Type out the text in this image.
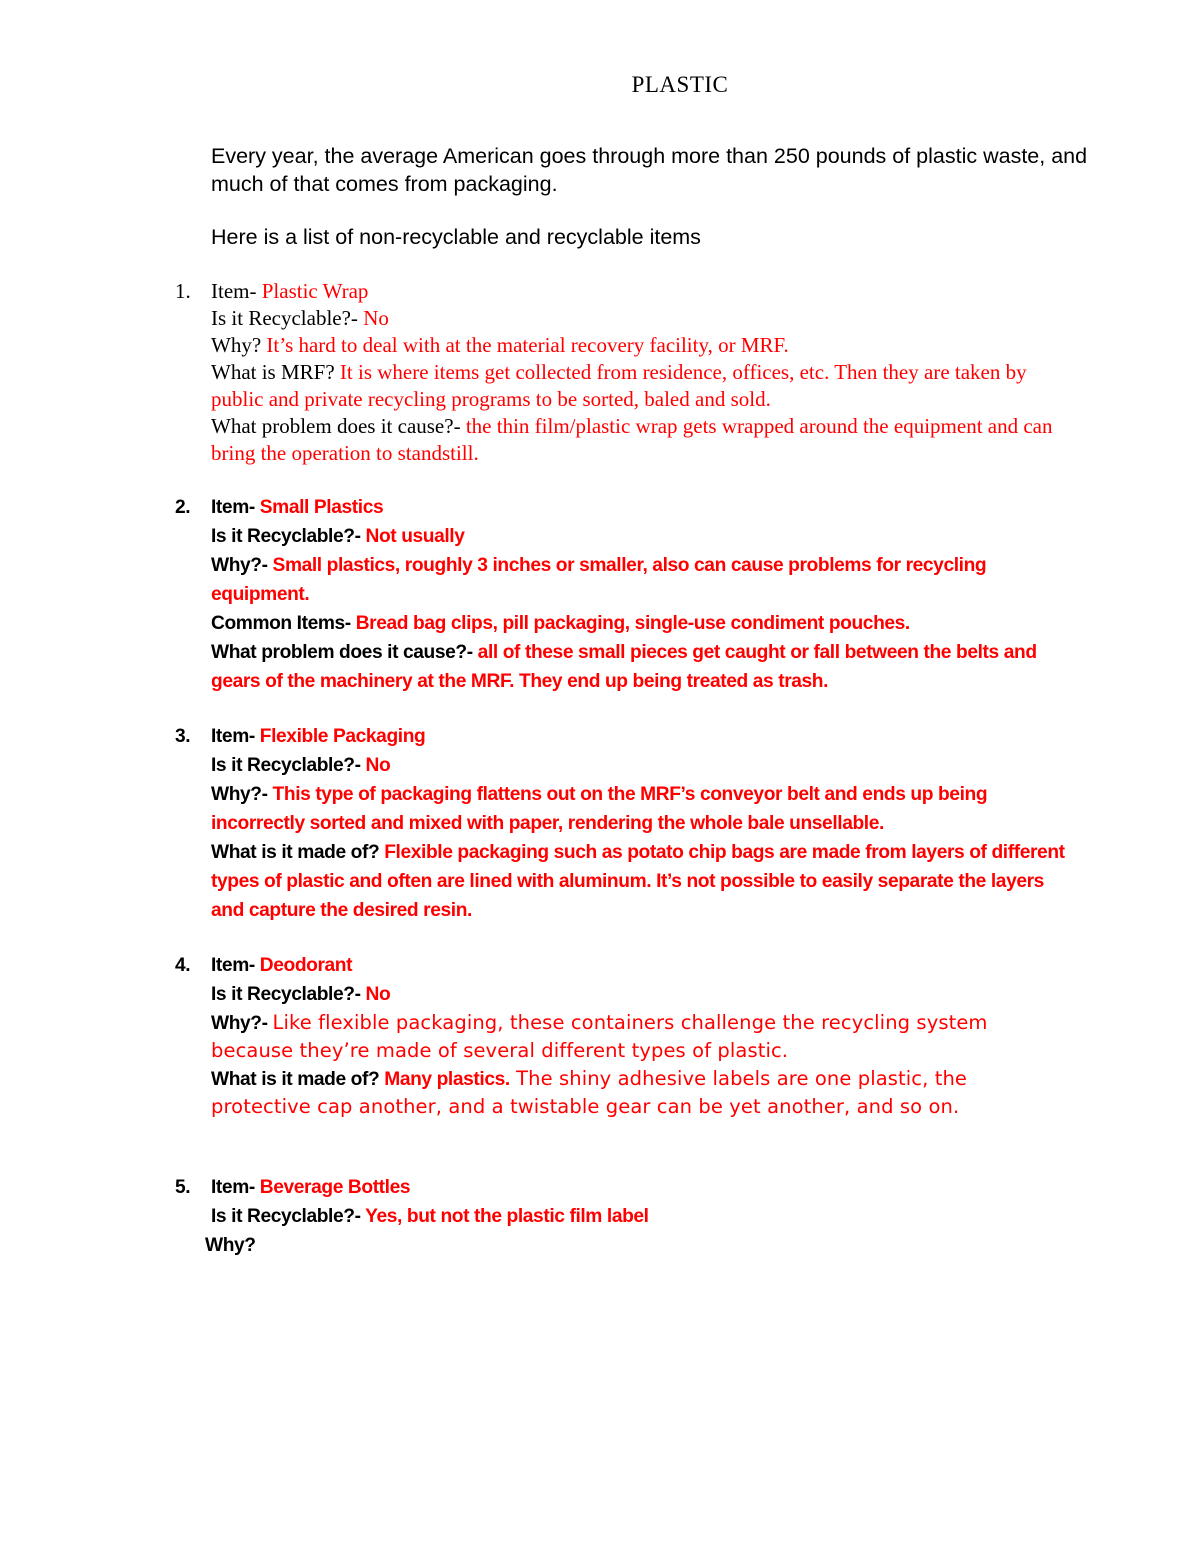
PLASTIC

Every year, the average American goes through more than 250 pounds of plastic waste, and much of that comes from packaging.

Here is a list of non-recyclable and recyclable items

1. Item- Plastic Wrap
Is it Recyclable?- No
Why? It’s hard to deal with at the material recovery facility, or MRF.
What is MRF? It is where items get collected from residence, offices, etc. Then they are taken by public and private recycling programs to be sorted, baled and sold.
What problem does it cause?- the thin film/plastic wrap gets wrapped around the equipment and can bring the operation to standstill.
2. Item- Small Plastics
Is it Recyclable?- Not usually
Why?- Small plastics, roughly 3 inches or smaller, also can cause problems for recycling equipment.
Common Items- Bread bag clips, pill packaging, single-use condiment pouches.
What problem does it cause?- all of these small pieces get caught or fall between the belts and gears of the machinery at the MRF. They end up being treated as trash.
3. Item- Flexible Packaging
Is it Recyclable?- No
Why?- This type of packaging flattens out on the MRF’s conveyor belt and ends up being incorrectly sorted and mixed with paper, rendering the whole bale unsellable.
What is it made of? Flexible packaging such as potato chip bags are made from layers of different types of plastic and often are lined with aluminum. It’s not possible to easily separate the layers and capture the desired resin.
4. Item- Deodorant
Is it Recyclable?- No
Why?- Like flexible packaging, these containers challenge the recycling system because they’re made of several different types of plastic.
What is it made of? Many plastics. The shiny adhesive labels are one plastic, the protective cap another, and a twistable gear can be yet another, and so on.
5. Item- Beverage Bottles
Is it Recyclable?- Yes, but not the plastic film label
Why?
